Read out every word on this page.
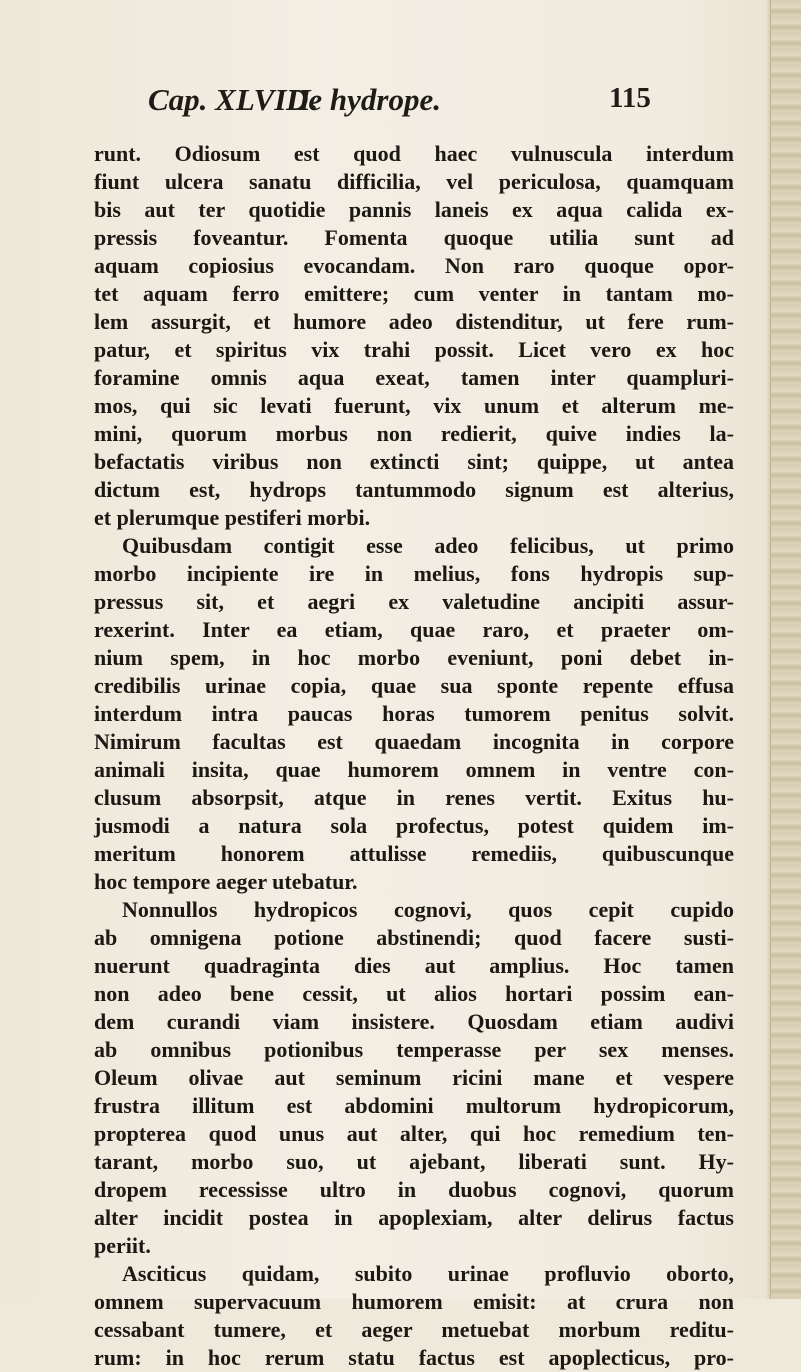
Cap. XLVIII.
De hydrope.	115
runt. Odiosum est quod haec vulnuscula interdum
fiunt ulcera sanatu difficilia, vel periculosa, quamquam
bis aut ter quotidie pannis laneis ex aqua calida ex-
pressis foveantur. Fomenta quoque utilia sunt ad
aquam copiosius evocandam. Non raro quoque opor-
tet aquam ferro emittere; cum venter in tantam mo-
lem assurgit, et humore adeo distenditur, ut fere rum-
patur, et spiritus vix trahi possit. Licet vero ex hoc
foramine omnis aqua exeat, tamen inter quampluri-
mos, qui sic levati fuerunt, vix unum et alterum me-
mini, quorum morbus non redierit, quive indies la-
befactatis viribus non extincti sint; quippe, ut antea
dictum est, hydrops tantummodo signum est alterius,
et plerumque pestiferi morbi.
Quibusdam contigit esse adeo felicibus, ut primo
morbo incipiente ire in melius, fons hydropis sup-
pressus sit, et aegri ex valetudine ancipiti assur-
rexerint. Inter ea etiam, quae raro, et praeter om-
nium spem, in hoc morbo eveniunt, poni debet in-
credibilis urinae copia, quae sua sponte repente effusa
interdum intra paucas horas tumorem penitus solvit.
Nimirum facultas est quaedam incognita in corpore
animali insita, quae humorem omnem in ventre con-
clusum absorpsit, atque in renes vertit. Exitus hu-
jusmodi a natura sola profectus, potest quidem im-
meritum honorem attulisse remediis, quibuscunque
hoc tempore aeger utebatur.
Nonnullos hydropicos cognovi, quos cepit cupido
ab omnigena potione abstinendi; quod facere susti-
nuerunt quadraginta dies aut amplius. Hoc tamen
non adeo bene cessit, ut alios hortari possim ean-
dem curandi viam insistere. Quosdam etiam audivi
ab omnibus potionibus temperasse per sex menses.
Oleum olivae aut seminum ricini mane et vespere
frustra illitum est abdomini multorum hydropicorum,
propterea quod unus aut alter, qui hoc remedium ten-
tarant, morbo suo, ut ajebant, liberati sunt. Hy-
dropem recessisse ultro in duobus cognovi, quorum
alter incidit postea in apoplexiam, alter delirus factus
periit.
Asciticus quidam, subito urinae profluvio oborto,
omnem supervacuum humorem emisit: at crura non
cessabant tumere, et aeger metuebat morbum reditu-
rum: in hoc rerum statu factus est apoplecticus, pro-
